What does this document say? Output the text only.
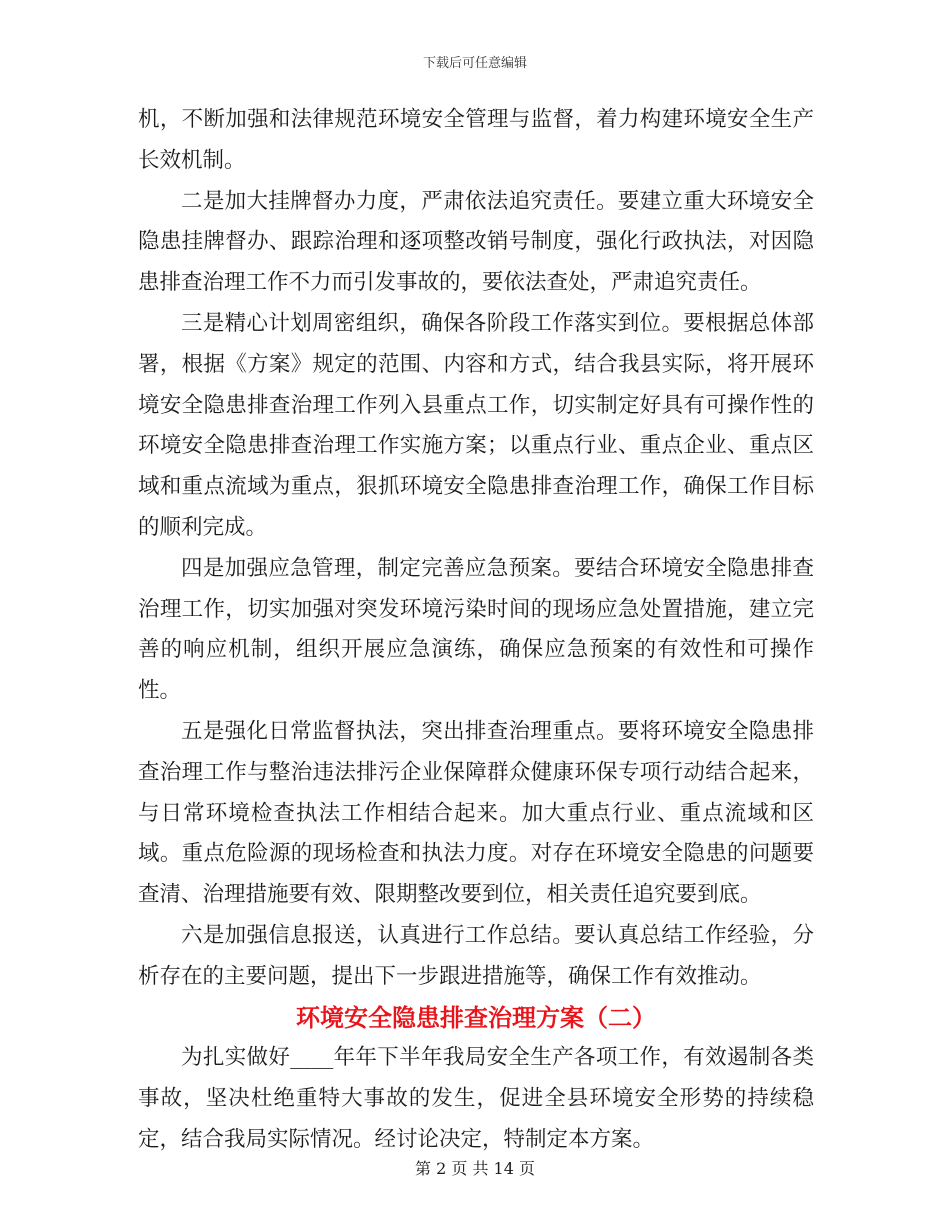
下载后可任意编辑

机，不断加强和法律规范环境安全管理与监督，着力构建环境安全生产长效机制。

二是加大挂牌督办力度，严肃依法追究责任。要建立重大环境安全隐患挂牌督办、跟踪治理和逐项整改销号制度，强化行政执法，对因隐患排查治理工作不力而引发事故的，要依法查处，严肃追究责任。

三是精心计划周密组织，确保各阶段工作落实到位。要根据总体部署，根据《方案》规定的范围、内容和方式，结合我县实际，将开展环境安全隐患排查治理工作列入县重点工作，切实制定好具有可操作性的环境安全隐患排查治理工作实施方案；以重点行业、重点企业、重点区域和重点流域为重点，狠抓环境安全隐患排查治理工作，确保工作目标的顺利完成。

四是加强应急管理，制定完善应急预案。要结合环境安全隐患排查治理工作，切实加强对突发环境污染时间的现场应急处置措施，建立完善的响应机制，组织开展应急演练，确保应急预案的有效性和可操作性。

五是强化日常监督执法，突出排查治理重点。要将环境安全隐患排查治理工作与整治违法排污企业保障群众健康环保专项行动结合起来，与日常环境检查执法工作相结合起来。加大重点行业、重点流域和区域。重点危险源的现场检查和执法力度。对存在环境安全隐患的问题要查清、治理措施要有效、限期整改要到位，相关责任追究要到底。

六是加强信息报送，认真进行工作总结。要认真总结工作经验，分析存在的主要问题，提出下一步跟进措施等，确保工作有效推动。

环境安全隐患排查治理方案（二）

为扎实做好____年年下半年我局安全生产各项工作，有效遏制各类事故，坚决杜绝重特大事故的发生，促进全县环境安全形势的持续稳定，结合我局实际情况。经讨论决定，特制定本方案。

第 2 页 共 14 页
